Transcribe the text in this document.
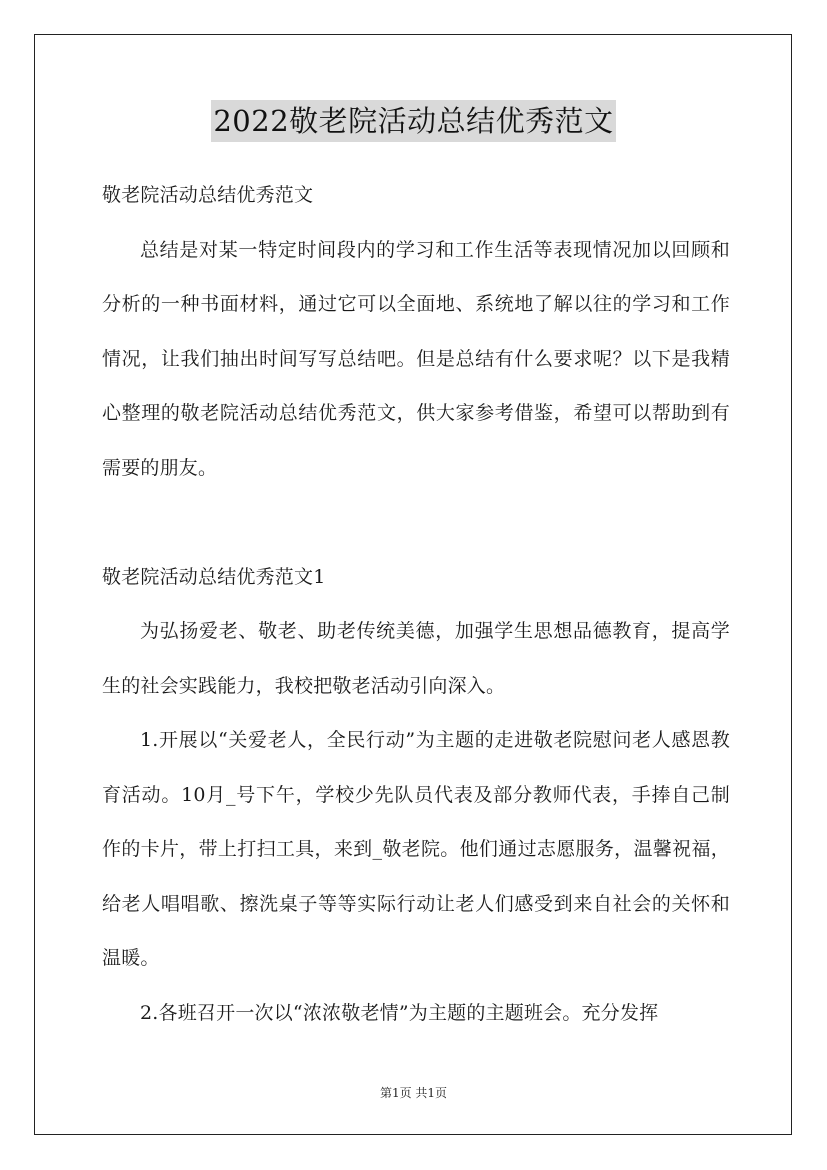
2022敬老院活动总结优秀范文

敬老院活动总结优秀范文

总结是对某一特定时间段内的学习和工作生活等表现情况加以回顾和分析的一种书面材料，通过它可以全面地、系统地了解以往的学习和工作情况，让我们抽出时间写写总结吧。但是总结有什么要求呢？以下是我精心整理的敬老院活动总结优秀范文，供大家参考借鉴，希望可以帮助到有需要的朋友。

敬老院活动总结优秀范文1

为弘扬爱老、敬老、助老传统美德，加强学生思想品德教育，提高学生的社会实践能力，我校把敬老活动引向深入。

1.开展以“关爱老人，全民行动”为主题的走进敬老院慰问老人感恩教育活动。10月_号下午，学校少先队员代表及部分教师代表，手捧自己制作的卡片，带上打扫工具，来到_敬老院。他们通过志愿服务，温馨祝福，给老人唱唱歌、擦洗桌子等等实际行动让老人们感受到来自社会的关怀和温暖。

2.各班召开一次以“浓浓敬老情”为主题的主题班会。充分发挥

第1页 共1页
